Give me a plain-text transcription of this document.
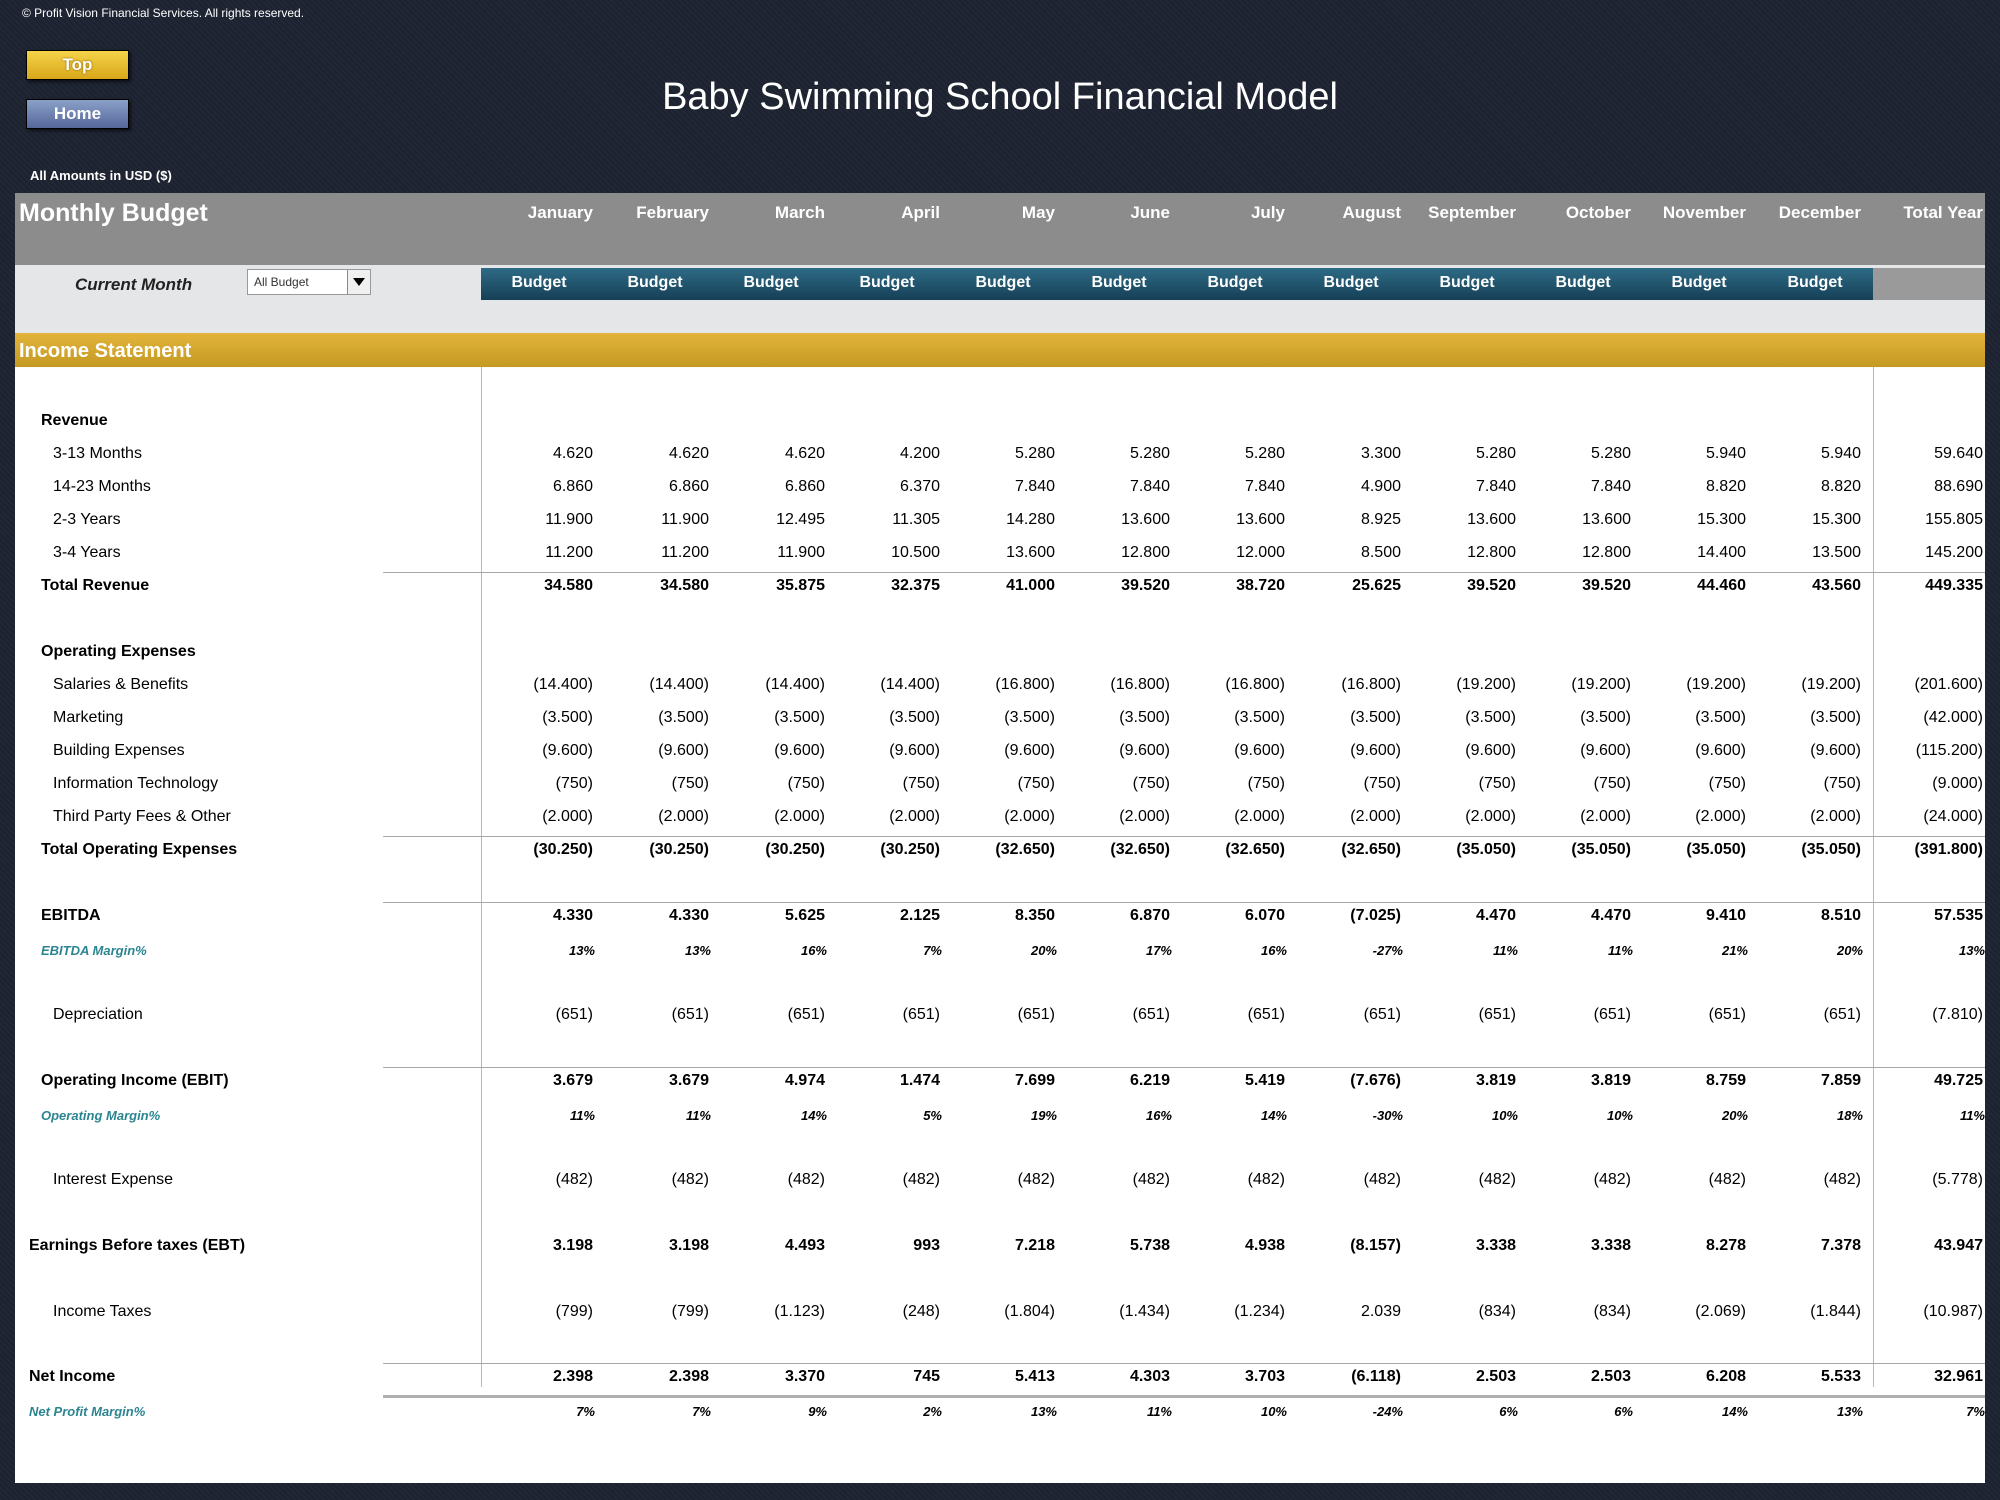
© Profit Vision Financial Services. All rights reserved.
Top
Home	Baby Swimming School Financial Model
All Amounts in USD ($)
Monthly Budget
Current Month	All Budget
Income Statement
January	February	March	April	May	June	July	August	September	October	November	December	Total Year
Budget	Budget	Budget	Budget	Budget	Budget	Budget	Budget	Budget	Budget	Budget	Budget
Revenue
3-13 Months	4.620	4.620	4.620	4.200	5.280	5.280	5.280	3.300	5.280	5.280	5.940	5.940	59.640
14-23 Months	6.860	6.860	6.860	6.370	7.840	7.840	7.840	4.900	7.840	7.840	8.820	8.820	88.690
2-3 Years	11.900	11.900	12.495	11.305	14.280	13.600	13.600	8.925	13.600	13.600	15.300	15.300	155.805
3-4 Years	11.200	11.200	11.900	10.500	13.600	12.800	12.000	8.500	12.800	12.800	14.400	13.500	145.200
Total Revenue	34.580	34.580	35.875	32.375	41.000	39.520	38.720	25.625	39.520	39.520	44.460	43.560	449.335
Operating Expenses
Salaries & Benefits	(14.400)	(14.400)	(14.400)	(14.400)	(16.800)	(16.800)	(16.800)	(16.800)	(19.200)	(19.200)	(19.200)	(19.200)	(201.600)
Marketing	(3.500)	(3.500)	(3.500)	(3.500)	(3.500)	(3.500)	(3.500)	(3.500)	(3.500)	(3.500)	(3.500)	(3.500)	(42.000)
Building Expenses	(9.600)	(9.600)	(9.600)	(9.600)	(9.600)	(9.600)	(9.600)	(9.600)	(9.600)	(9.600)	(9.600)	(9.600)	(115.200)
Information Technology	(750)	(750)	(750)	(750)	(750)	(750)	(750)	(750)	(750)	(750)	(750)	(750)	(9.000)
Third Party Fees & Other	(2.000)	(2.000)	(2.000)	(2.000)	(2.000)	(2.000)	(2.000)	(2.000)	(2.000)	(2.000)	(2.000)	(2.000)	(24.000)
Total Operating Expenses	(30.250)	(30.250)	(30.250)	(30.250)	(32.650)	(32.650)	(32.650)	(32.650)	(35.050)	(35.050)	(35.050)	(35.050)	(391.800)
EBITDA	4.330	4.330	5.625	2.125	8.350	6.870	6.070	(7.025)	4.470	4.470	9.410	8.510	57.535
EBITDA Margin%	13%	13%	16%	7%	20%	17%	16%	-27%	11%	11%	21%	20%	13%
Depreciation	(651)	(651)	(651)	(651)	(651)	(651)	(651)	(651)	(651)	(651)	(651)	(651)	(7.810)
Operating Income (EBIT)	3.679	3.679	4.974	1.474	7.699	6.219	5.419	(7.676)	3.819	3.819	8.759	7.859	49.725
Operating Margin%	11%	11%	14%	5%	19%	16%	14%	-30%	10%	10%	20%	18%	11%
Interest Expense	(482)	(482)	(482)	(482)	(482)	(482)	(482)	(482)	(482)	(482)	(482)	(482)	(5.778)
Earnings Before taxes (EBT)	3.198	3.198	4.493	993	7.218	5.738	4.938	(8.157)	3.338	3.338	8.278	7.378	43.947
Income Taxes	(799)	(799)	(1.123)	(248)	(1.804)	(1.434)	(1.234)	2.039	(834)	(834)	(2.069)	(1.844)	(10.987)
Net Income	2.398	2.398	3.370	745	5.413	4.303	3.703	(6.118)	2.503	2.503	6.208	5.533	32.961
Net Profit Margin%	7%	7%	9%	2%	13%	11%	10%	-24%	6%	6%	14%	13%	7%
